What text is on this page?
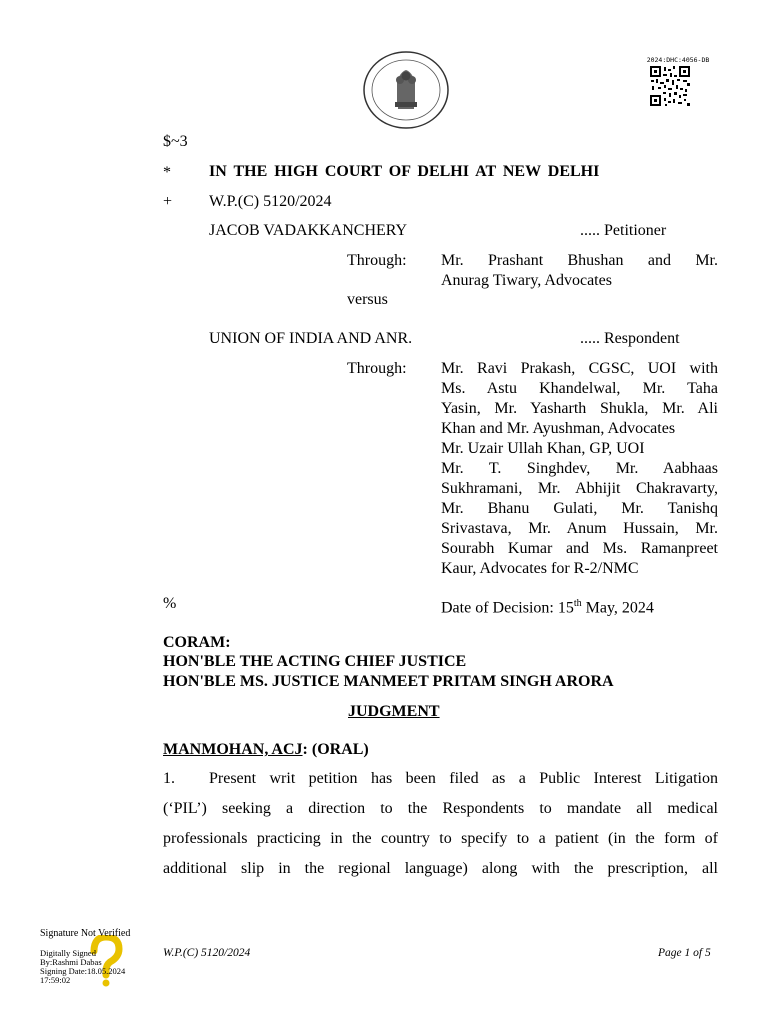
2024:DHC:4056-DB
$~3
* IN THE HIGH COURT OF DELHI AT NEW DELHI
+ W.P.(C) 5120/2024
JACOB VADAKKANCHERY	..... Petitioner
Through: Mr. Prashant Bhushan and Mr.
Anurag Tiwary, Advocates
versus
UNION OF INDIA AND ANR.	..... Respondent
Through: Mr. Ravi Prakash, CGSC, UOI with
Ms. Astu Khandelwal, Mr. Taha
Yasin, Mr. Yasharth Shukla, Mr. Ali
Khan and Mr. Ayushman, Advocates
Mr. Uzair Ullah Khan, GP, UOI
Mr. T. Singhdev, Mr. Aabhaas
Sukhramani, Mr. Abhijit Chakravarty,
Mr. Bhanu Gulati, Mr. Tanishq
Srivastava, Mr. Anum Hussain, Mr.
Sourabh Kumar and Ms. Ramanpreet
Kaur, Advocates for R-2/NMC
%	Date of Decision: 15th May, 2024
CORAM:
HON'BLE THE ACTING CHIEF JUSTICE
HON'BLE MS. JUSTICE MANMEET PRITAM SINGH ARORA
JUDGMENT
MANMOHAN, ACJ: (ORAL)
1. Present writ petition has been filed as a Public Interest Litigation
(‘PIL’) seeking a direction to the Respondents to mandate all medical
professionals practicing in the country to specify to a patient (in the form of
additional slip in the regional language) along with the prescription, all
Signature Not Verified
Digitally Signed
By:Rashmi Dabas
Signing Date:18.05.2024
17:59:02
W.P.(C) 5120/2024	Page 1 of 5
